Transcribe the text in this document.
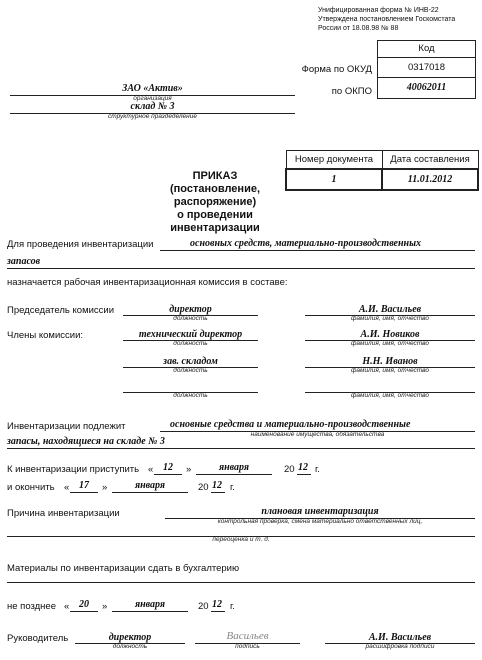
Унифицированная форма № ИНВ-22
Утверждена постановлением Госкомстата
России от 18.08.98 № 88
Код
Форма по ОКУД	0317018
по ОКПО	40062011
ЗАО «Актив»
организация
склад № 3
структурное праздеделение
Номер документа	Дата составления
1	11.01.2012
ПРИКАЗ
(постановление, распоряжение)
о проведении инвентаризации
Для проведения инвентаризации	основных средств, материально-производственных
запасов
назначается рабочая инвентаризационная комиссия в составе:
Председатель комиссии	директор
должность
А.И. Васильев
фамилия, имя, отчество
Члены комиссии:	технический директор
должность
А.И. Новиков
фамилия, имя, отчество
зав. складом
должность
Н.Н. Иванов
фамилия, имя, отчество
должность	фамилия, имя, отчество
Инвентаризации подлежит	основные средства и материально-производственные
наименование имущества, обязательства
запасы, находящиеся на складе № 3
К инвентаризации приступить « 12	»	января	20 12 г.
и окончить « 17	»	января	20 12 г.
Причина инвентаризации	плановая инвентаризация
контрольная проверка, смена материально ответственных лиц,
переоценка и т. д.
Материалы по инвентаризации сдать в бухгалтерию
не позднее « 20	»	января	20 12 г.
Руководитель	директор
должность
Васильев
подпись
А.И. Васильев
расшифровка подписи
